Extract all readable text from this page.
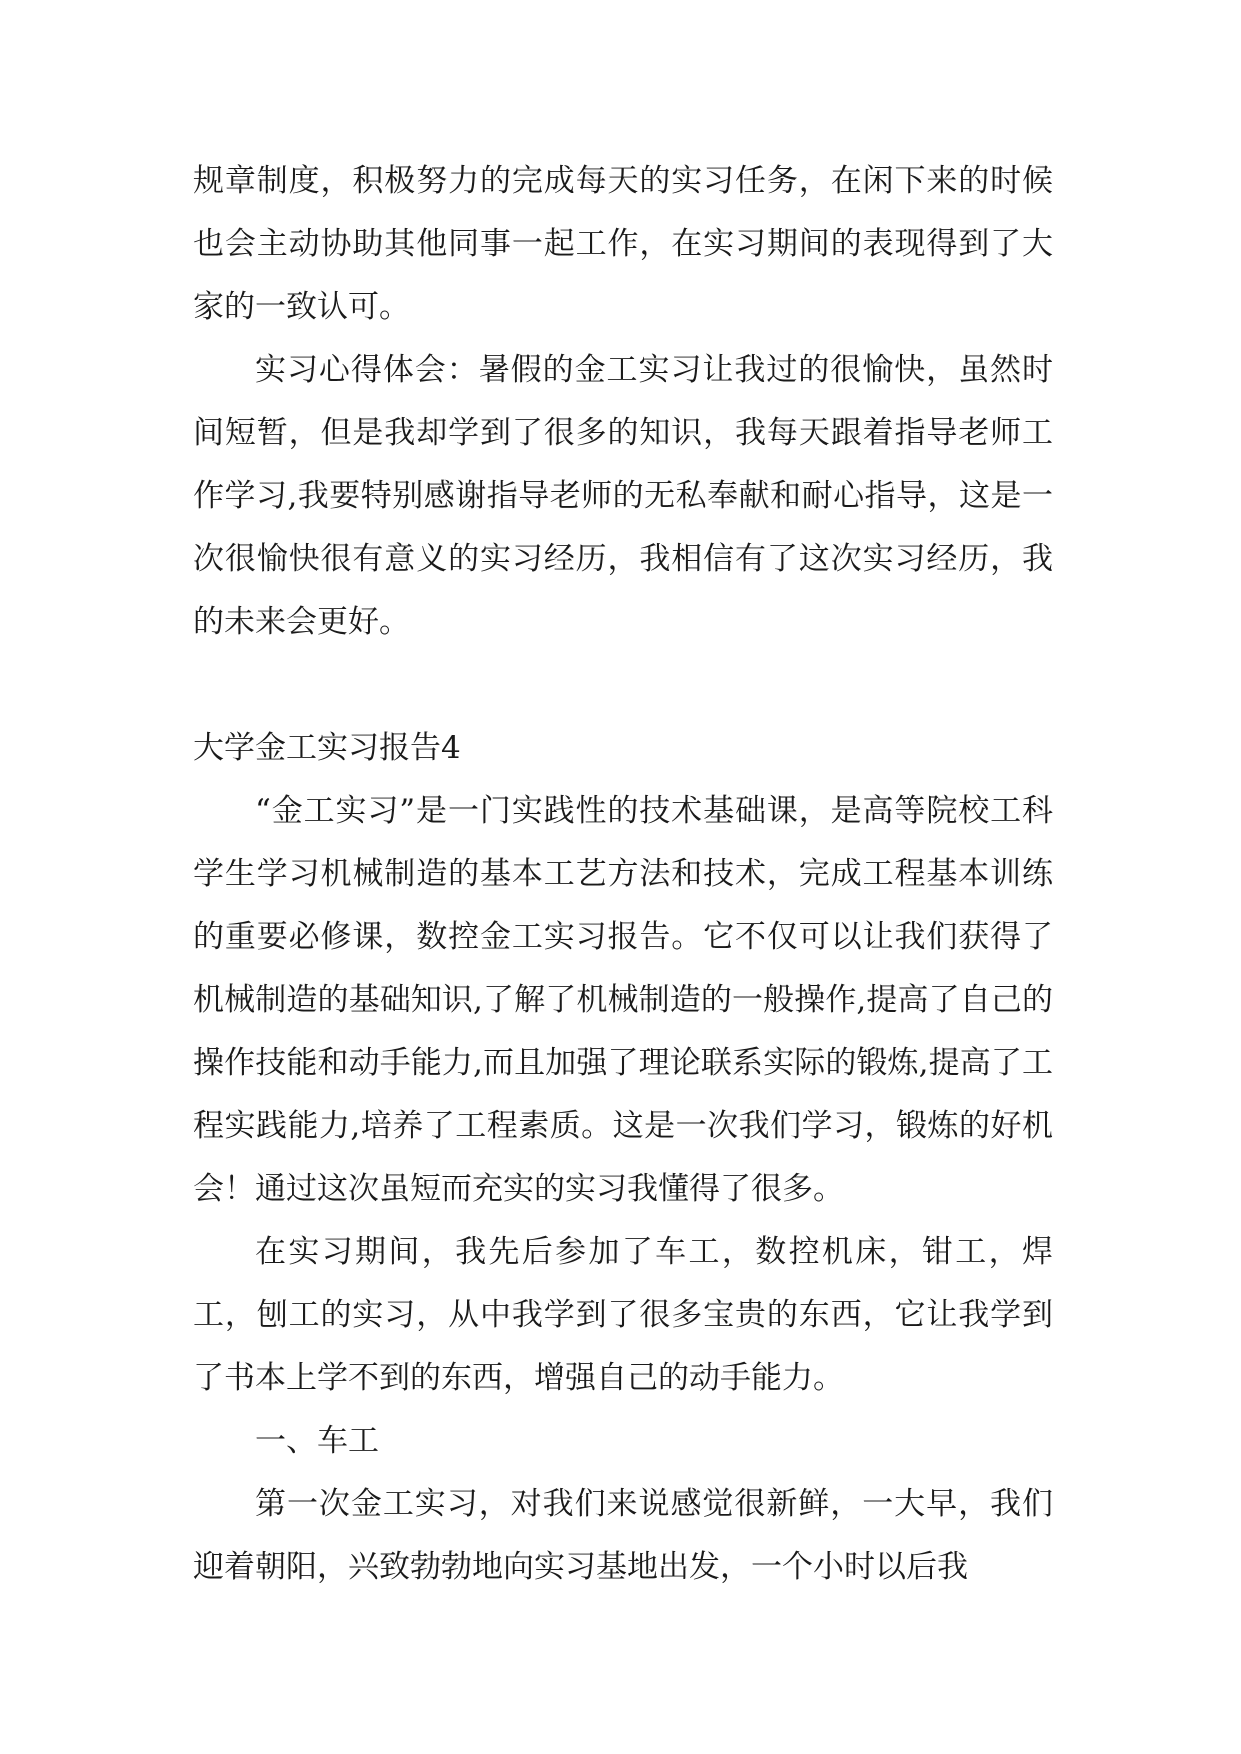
规章制度，积极努力的完成每天的实习任务，在闲下来的时候也会主动协助其他同事一起工作，在实习期间的表现得到了大家的一致认可。

实习心得体会：暑假的金工实习让我过的很愉快，虽然时间短暂，但是我却学到了很多的知识，我每天跟着指导老师工作学习,我要特别感谢指导老师的无私奉献和耐心指导，这是一次很愉快很有意义的实习经历，我相信有了这次实习经历，我的未来会更好。

大学金工实习报告4

“金工实习”是一门实践性的技术基础课，是高等院校工科学生学习机械制造的基本工艺方法和技术，完成工程基本训练的重要必修课，数控金工实习报告。它不仅可以让我们获得了机械制造的基础知识,了解了机械制造的一般操作,提高了自己的操作技能和动手能力,而且加强了理论联系实际的锻炼,提高了工程实践能力,培养了工程素质。这是一次我们学习，锻炼的好机会！通过这次虽短而充实的实习我懂得了很多。

在实习期间，我先后参加了车工，数控机床，钳工，焊工，刨工的实习，从中我学到了很多宝贵的东西，它让我学到了书本上学不到的东西，增强自己的动手能力。

一、车工

第一次金工实习，对我们来说感觉很新鲜，一大早，我们迎着朝阳，兴致勃勃地向实习基地出发，一个小时以后我
